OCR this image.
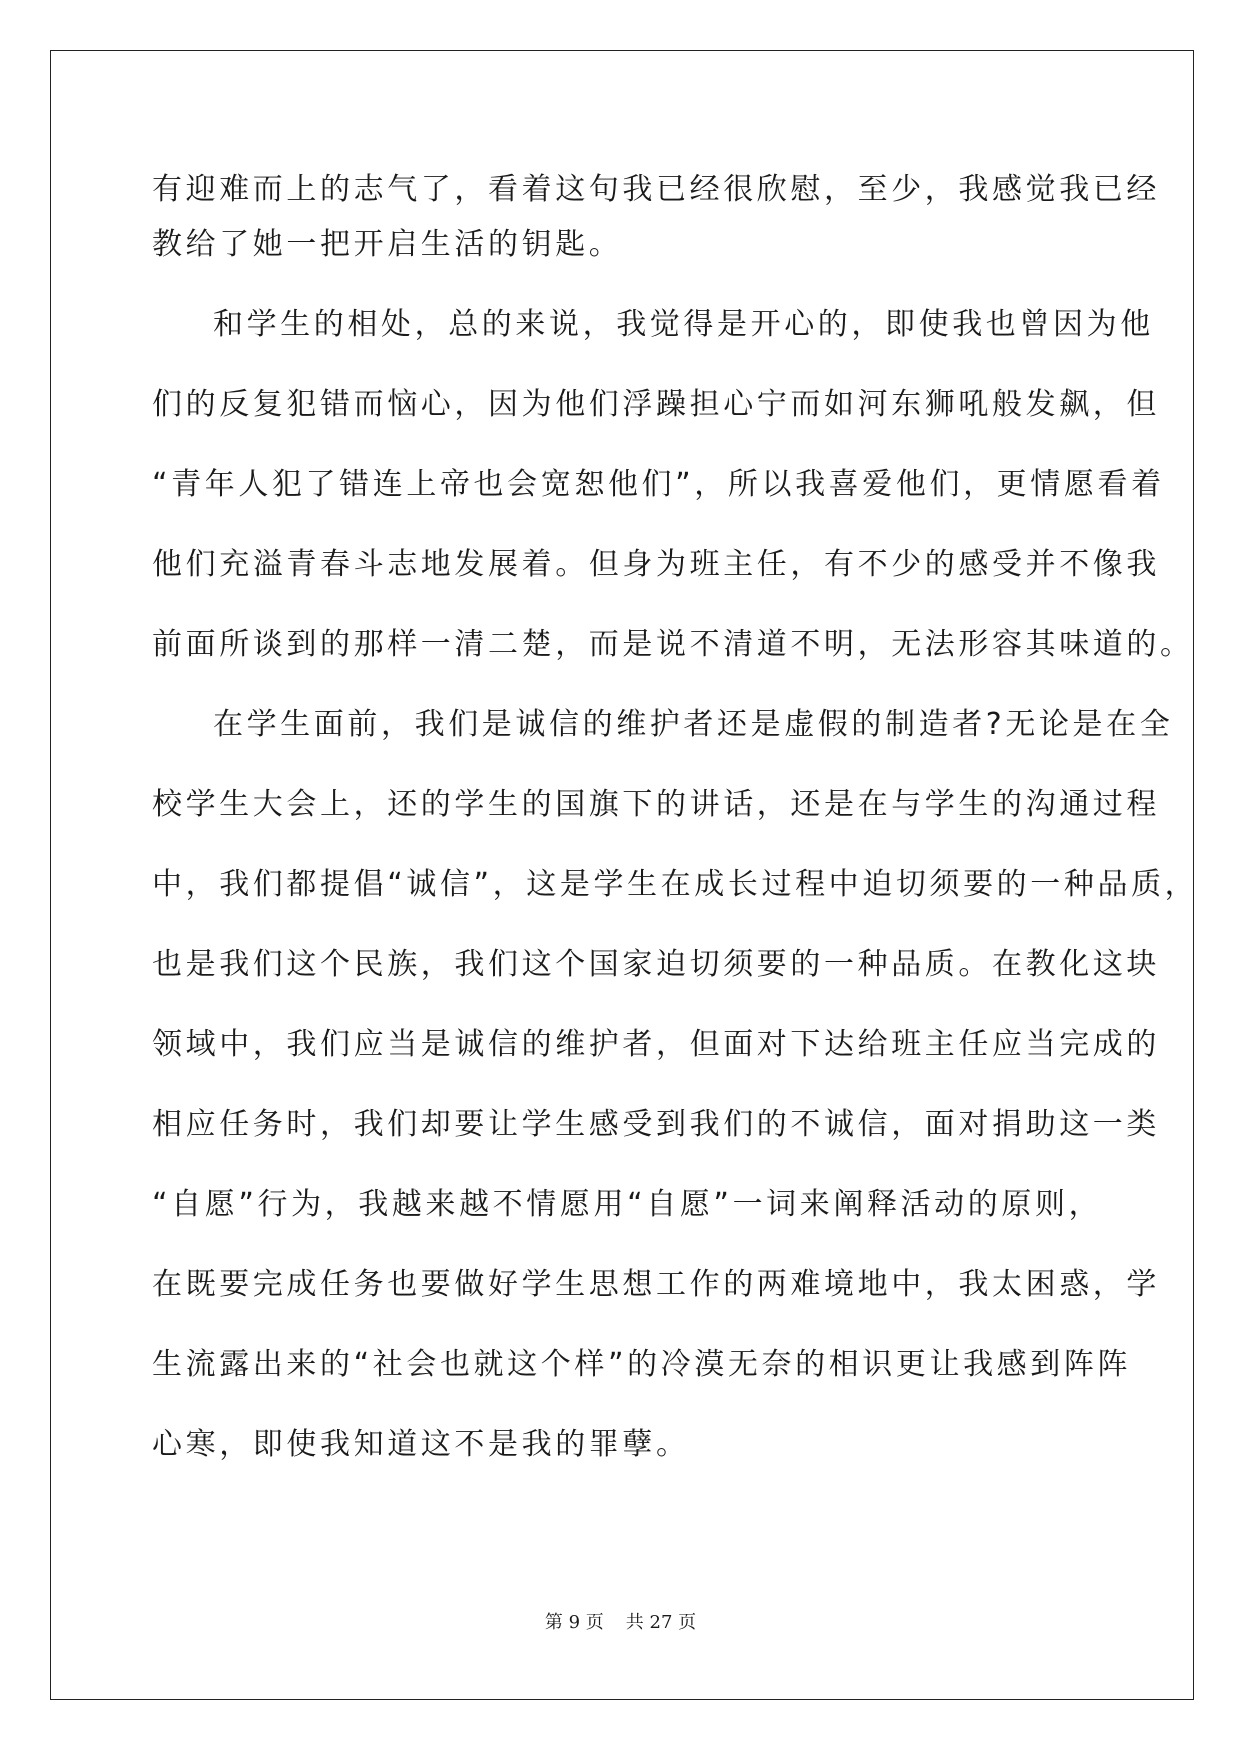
有迎难而上的志气了，看着这句我已经很欣慰，至少，我感觉我已经
教给了她一把开启生活的钥匙。
和学生的相处，总的来说，我觉得是开心的，即使我也曾因为他
们的反复犯错而恼心，因为他们浮躁担心宁而如河东狮吼般发飙，但
“青年人犯了错连上帝也会宽恕他们”，所以我喜爱他们，更情愿看着
他们充溢青春斗志地发展着。但身为班主任，有不少的感受并不像我
前面所谈到的那样一清二楚，而是说不清道不明，无法形容其味道的。
在学生面前，我们是诚信的维护者还是虚假的制造者?无论是在全
校学生大会上，还的学生的国旗下的讲话，还是在与学生的沟通过程
中，我们都提倡“诚信”，这是学生在成长过程中迫切须要的一种品质，
也是我们这个民族，我们这个国家迫切须要的一种品质。在教化这块
领域中，我们应当是诚信的维护者，但面对下达给班主任应当完成的
相应任务时，我们却要让学生感受到我们的不诚信，面对捐助这一类
“自愿”行为，我越来越不情愿用“自愿”一词来阐释活动的原则，
在既要完成任务也要做好学生思想工作的两难境地中，我太困惑，学
生流露出来的“社会也就这个样”的冷漠无奈的相识更让我感到阵阵
心寒，即使我知道这不是我的罪孽。
第 9 页 共 27 页
